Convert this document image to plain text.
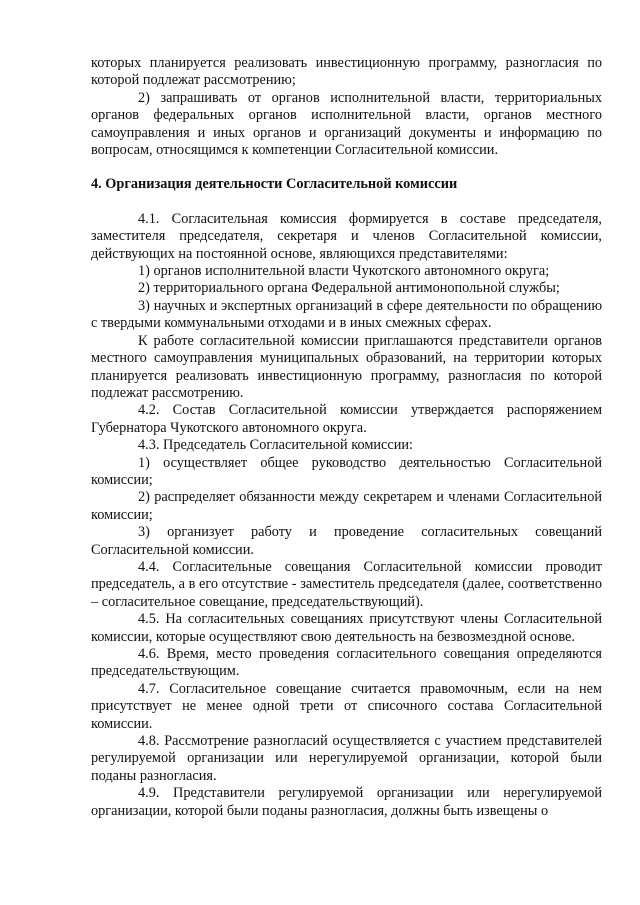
которых планируется реализовать инвестиционную программу, разногласия по которой подлежат рассмотрению;

2) запрашивать от органов исполнительной власти, территориальных органов федеральных органов исполнительной власти, органов местного самоуправления и иных органов и организаций документы и информацию по вопросам, относящимся к компетенции Согласительной комиссии.

4. Организация деятельности Согласительной комиссии

4.1. Согласительная комиссия формируется в составе председателя, заместителя председателя, секретаря и членов Согласительной комиссии, действующих на постоянной основе, являющихся представителями:

1) органов исполнительной власти Чукотского автономного округа;

2) территориального органа Федеральной антимонопольной службы;

3) научных и экспертных организаций в сфере деятельности по обращению с твердыми коммунальными отходами и в иных смежных сферах.

К работе согласительной комиссии приглашаются представители органов местного самоуправления муниципальных образований, на территории которых планируется реализовать инвестиционную программу, разногласия по которой подлежат рассмотрению.

4.2. Состав Согласительной комиссии утверждается распоряжением Губернатора Чукотского автономного округа.

4.3. Председатель Согласительной комиссии:

1) осуществляет общее руководство деятельностью Согласительной комиссии;

2) распределяет обязанности между секретарем и членами Согласительной комиссии;

3) организует работу и проведение согласительных совещаний Согласительной комиссии.

4.4. Согласительные совещания Согласительной комиссии проводит председатель, а в его отсутствие - заместитель председателя (далее, соответственно – согласительное совещание, председательствующий).

4.5. На согласительных совещаниях присутствуют члены Согласительной комиссии, которые осуществляют свою деятельность на безвозмездной основе.

4.6. Время, место проведения согласительного совещания определяются председательствующим.

4.7. Согласительное совещание считается правомочным, если на нем присутствует не менее одной трети от списочного состава Согласительной комиссии.

4.8. Рассмотрение разногласий осуществляется с участием представителей регулируемой организации или нерегулируемой организации, которой были поданы разногласия.

4.9. Представители регулируемой организации или нерегулируемой организации, которой были поданы разногласия, должны быть извещены о
